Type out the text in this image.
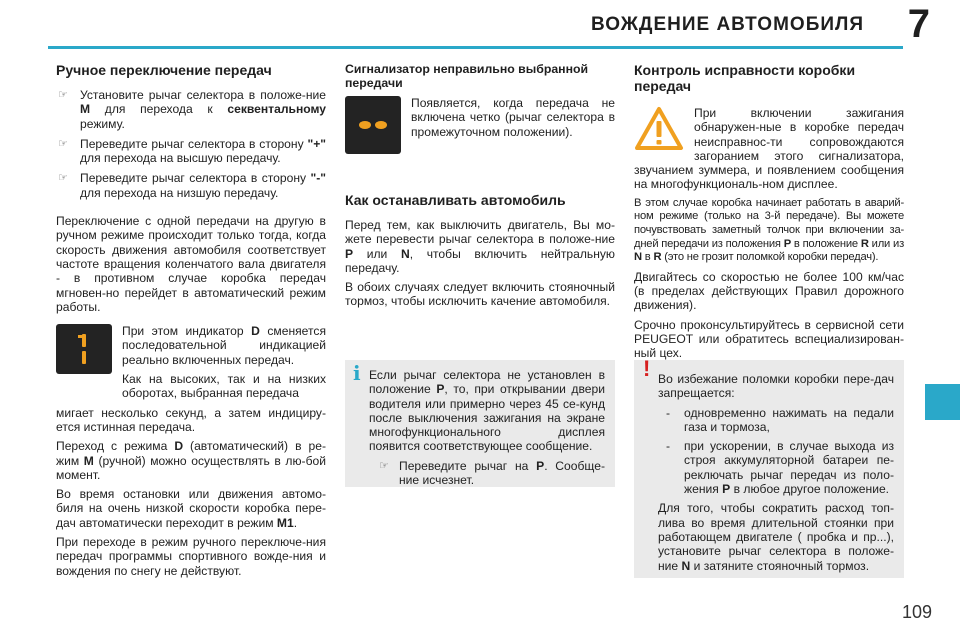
ВОЖДЕНИЕ АВТОМОБИЛЯ 7
109
Ручное переключение передач
☞ Установите рычаг селектора в положе-ние M для перехода к секвентальному режиму.
☞ Переведите рычаг селектора в сторону "+" для перехода на высшую передачу.
☞ Переведите рычаг селектора в сторону "-" для перехода на низшую передачу.

Переключение с одной передачи на другую в ручном режиме происходит только тогда, когда скорость движения автомобиля соответствует частоте вращения коленчатого вала двигателя - в противном случае коробка передач мгновен-но перейдет в автоматический режим работы.

При этом индикатор D сменяется последовательной индикацией реально включенных передач.

Как на высоких, так и на низких оборотах, выбранная передача

мигает несколько секунд, а затем индициру-ется истинная передача.

Переход с режима D (автоматический) в ре-жим M (ручной) можно осуществлять в лю-бой момент.

Во время остановки или движения автомо-биля на очень низкой скорости коробка пере-дач автоматически переходит в режим M1.

При переходе в режим ручного переключе-ния передач программы спортивного вожде-ния и вождения по снегу не действуют.

Сигнализатор неправильно выбранной передачи

Появляется, когда передача не включена четко (рычаг селектора в промежуточном положении).

Как останавливать автомобиль

Перед тем, как выключить двигатель, Вы мо-жете перевести рычаг селектора в положе-ние P или N, чтобы включить нейтральную передачу.

В обоих случаях следует включить стояночный тормоз, чтобы исключить качение автомобиля.

i Если рычаг селектора не установлен в положение P, то, при открывании двери водителя или примерно через 45 се-кунд после выключения зажигания на экране многофункционального дисплея появится соответствующее сообщение.

☞ Переведите рычаг на P. Сообще-ние исчезнет.
Контроль исправности коробки передач

При включении зажигания обнаружен-ные в коробке передач неисправнос-ти сопровождаются загоранием этого сигнализатора, звучанием зуммера, и появлением сообщения на многофункциональ-ном дисплее.

В этом случае коробка начинает работать в аварий-ном режиме (только на 3-й передаче). Вы можете почувствовать заметный толчок при включении за-дней передачи из положения P в положение R или из N в R (это не грозит поломкой коробки передач).

Двигайтесь со скоростью не более 100 км/час (в пределах действующих Правил дорожного движения).

Срочно проконсультируйтесь в сервисной сети PEUGEOT или обратитесь вспециализирован-ный цех.

! Во избежание поломки коробки пере-дач запрещается:

- одновременно нажимать на педали газа и тормоза,
- при ускорении, в случае выхода из строя аккумуляторной батареи пе-реключать рычаг передач из поло-жения P в любое другое положение.

Для того, чтобы сократить расход топ-лива во время длительной стоянки при работающем двигателе ( пробка и пр...), установите рычаг селектора в положе-ние N и затяните стояночный тормоз.
